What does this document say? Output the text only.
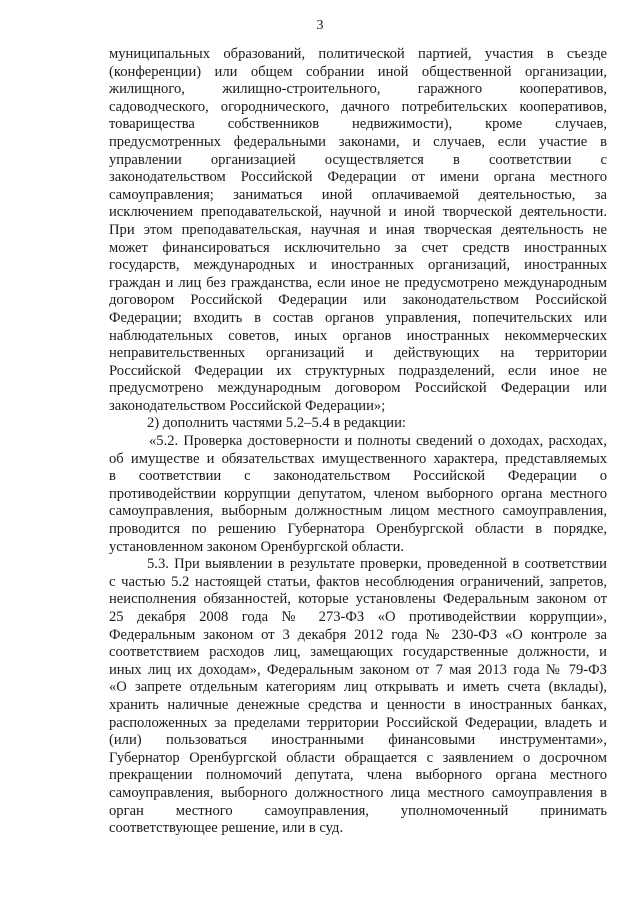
3
муниципальных образований, политической партией, участия в съезде
(конференции) или общем собрании иной общественной организации,
жилищного, жилищно-строительного, гаражного кооперативов,
садоводческого, огороднического, дачного потребительских кооперативов,
товарищества собственников недвижимости), кроме случаев,
предусмотренных федеральными законами, и случаев, если участие в
управлении организацией осуществляется в соответствии с
законодательством Российской Федерации от имени органа местного
самоуправления; заниматься иной оплачиваемой деятельностью, за
исключением преподавательской, научной и иной творческой деятельности.
При этом преподавательская, научная и иная творческая деятельность не
может финансироваться исключительно за счет средств иностранных
государств, международных и иностранных организаций, иностранных
граждан и лиц без гражданства, если иное не предусмотрено международным
договором Российской Федерации или законодательством Российской
Федерации; входить в состав органов управления, попечительских или
наблюдательных советов, иных органов иностранных некоммерческих
неправительственных организаций и действующих на территории
Российской Федерации их структурных подразделений, если иное не
предусмотрено международным договором Российской Федерации или
законодательством Российской Федерации»;
2) дополнить частями 5.2–5.4 в редакции:
«5.2. Проверка достоверности и полноты сведений о доходах, расходах,
об имуществе и обязательствах имущественного характера, представляемых
в соответствии с законодательством Российской Федерации о
противодействии коррупции депутатом, членом выборного органа местного
самоуправления, выборным должностным лицом местного самоуправления,
проводится по решению Губернатора Оренбургской области в порядке,
установленном законом Оренбургской области.
5.3. При выявлении в результате проверки, проведенной в соответствии
с частью 5.2 настоящей статьи, фактов несоблюдения ограничений, запретов,
неисполнения обязанностей, которые установлены Федеральным законом от
25 декабря 2008 года № 273-ФЗ «О противодействии коррупции»,
Федеральным законом от 3 декабря 2012 года № 230-ФЗ «О контроле за
соответствием расходов лиц, замещающих государственные должности, и
иных лиц их доходам», Федеральным законом от 7 мая 2013 года № 79-ФЗ
«О запрете отдельным категориям лиц открывать и иметь счета (вклады),
хранить наличные денежные средства и ценности в иностранных банках,
расположенных за пределами территории Российской Федерации, владеть и
(или) пользоваться иностранными финансовыми инструментами»,
Губернатор Оренбургской области обращается с заявлением о досрочном
прекращении полномочий депутата, члена выборного органа местного
самоуправления, выборного должностного лица местного самоуправления в
орган местного самоуправления, уполномоченный принимать
соответствующее решение, или в суд.
